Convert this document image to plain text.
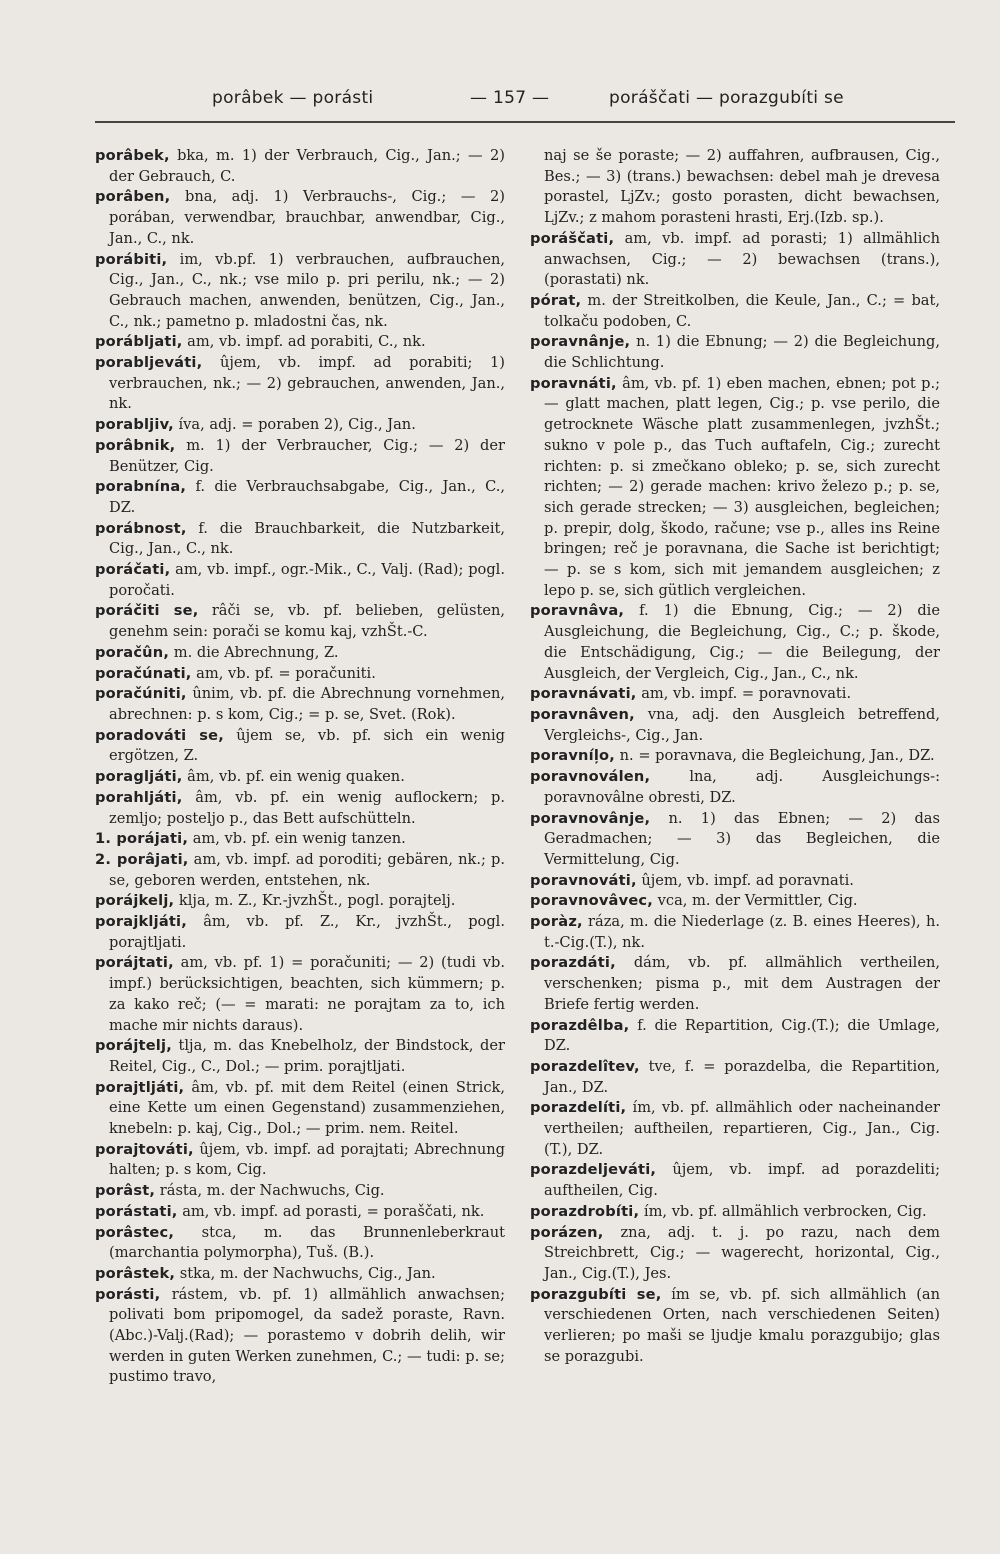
porâbek — porásti	— 157 —	poráščati — porazgubíti se

porâbek, bka, m. 1) der Verbrauch, Cig., Jan.; — 2) der Gebrauch, C.

porâben, bna, adj. 1) Verbrauchs-, Cig.; — 2) porában, verwendbar, brauchbar, anwendbar, Cig., Jan., C., nk.

porábiti, im, vb.pf. 1) verbrauchen, aufbrauchen, Cig., Jan., C., nk.; vse milo p. pri perilu, nk.; — 2) Gebrauch machen, anwenden, benützen, Cig., Jan., C., nk.; pametno p. mladostni čas, nk.

porábljati, am, vb. impf. ad porabiti, C., nk.

porabljeváti, ûjem, vb. impf. ad porabiti; 1) verbrauchen, nk.; — 2) gebrauchen, anwenden, Jan., nk.

porabljiv, íva, adj. = poraben 2), Cig., Jan.

porâbnik, m. 1) der Verbraucher, Cig.; — 2) der Benützer, Cig.

porabnína, f. die Verbrauchsabgabe, Cig., Jan., C., DZ.

porábnost, f. die Brauchbarkeit, die Nutzbarkeit, Cig., Jan., C., nk.

poráčati, am, vb. impf., ogr.-Mik., C., Valj. (Rad); pogl. poročati.

poráčiti se, râči se, vb. pf. belieben, gelüsten, genehm sein: porači se komu kaj, vzhŠt.-C.

poračûn, m. die Abrechnung, Z.

poračúnati, am, vb. pf. = poračuniti.

poračúniti, ûnim, vb. pf. die Abrechnung vornehmen, abrechnen: p. s kom, Cig.; = p. se, Svet. (Rok).

poradováti se, ûjem se, vb. pf. sich ein wenig ergötzen, Z.

poragljáti, âm, vb. pf. ein wenig quaken.

porahljáti, âm, vb. pf. ein wenig auflockern; p. zemljo; posteljo p., das Bett aufschütteln.

1. porájati, am, vb. pf. ein wenig tanzen.

2. porâjati, am, vb. impf. ad poroditi; gebären, nk.; p. se, geboren werden, entstehen, nk.

porájkelj, klja, m. Z., Kr.-jvzhŠt., pogl. porajtelj.

porajkljáti, âm, vb. pf. Z., Kr., jvzhŠt., pogl. porajtljati.

porájtati, am, vb. pf. 1) = poračuniti; — 2) (tudi vb. impf.) berücksichtigen, beachten, sich kümmern; p. za kako reč; (— = marati: ne porajtam za to, ich mache mir nichts daraus).

porájtelj, tlja, m. das Knebelholz, der Bindstock, der Reitel, Cig., C., Dol.; — prim. porajtljati.

porajtljáti, âm, vb. pf. mit dem Reitel (einen Strick, eine Kette um einen Gegenstand) zusammenziehen, knebeln: p. kaj, Cig., Dol.; — prim. nem. Reitel.

porajtováti, ûjem, vb. impf. ad porajtati; Abrechnung halten; p. s kom, Cig.

porâst, rásta, m. der Nachwuchs, Cig.

porástati, am, vb. impf. ad porasti, = poraščati, nk.

porâstec, stca, m. das Brunnenleberkraut (marchantia polymorpha), Tuš. (B.).

porâstek, stka, m. der Nachwuchs, Cig., Jan.

porásti, rástem, vb. pf. 1) allmählich anwachsen; polivati bom pripomogel, da sadež poraste, Ravn.(Abc.)-Valj.(Rad); — porastemo v dobrih delih, wir werden in guten Werken zunehmen, C.; — tudi: p. se; pustimo travo,

naj se še poraste; — 2) auffahren, aufbrausen, Cig., Bes.; — 3) (trans.) bewachsen: debel mah je drevesa porastel, LjZv.; gosto porasten, dicht bewachsen, LjZv.; z mahom porasteni hrasti, Erj.(Izb. sp.).

poráščati, am, vb. impf. ad porasti; 1) allmählich anwachsen, Cig.; — 2) bewachsen (trans.), (porastati) nk.

pórat, m. der Streitkolben, die Keule, Jan., C.; = bat, tolkaču podoben, C.

poravnânje, n. 1) die Ebnung; — 2) die Begleichung, die Schlichtung.

poravnáti, âm, vb. pf. 1) eben machen, ebnen; pot p.; — glatt machen, platt legen, Cig.; p. vse perilo, die getrocknete Wäsche platt zusammenlegen, jvzhŠt.; sukno v pole p., das Tuch auftafeln, Cig.; zurecht richten: p. si zmečkano obleko; p. se, sich zurecht richten; — 2) gerade machen: krivo železo p.; p. se, sich gerade strecken; — 3) ausgleichen, begleichen; p. prepir, dolg, škodo, račune; vse p., alles ins Reine bringen; reč je poravnana, die Sache ist berichtigt; — p. se s kom, sich mit jemandem ausgleichen; z lepo p. se, sich gütlich vergleichen.

poravnâva, f. 1) die Ebnung, Cig.; — 2) die Ausgleichung, die Begleichung, Cig., C.; p. škode, die Entschädigung, Cig.; — die Beilegung, der Ausgleich, der Vergleich, Cig., Jan., C., nk.

poravnávati, am, vb. impf. = poravnovati.

poravnâven, vna, adj. den Ausgleich betreffend, Vergleichs-, Cig., Jan.

poravníl̦o, n. = poravnava, die Begleichung, Jan., DZ.

poravnoválen, lna, adj. Ausgleichungs-: poravnovâlne obresti, DZ.

poravnovânje, n. 1) das Ebnen; — 2) das Geradmachen; — 3) das Begleichen, die Vermittelung, Cig.

poravnováti, ûjem, vb. impf. ad poravnati.

poravnovâvec, vca, m. der Vermittler, Cig.

poràz, ráza, m. die Niederlage (z. B. eines Heeres), h. t.-Cig.(T.), nk.

porazdáti, dám, vb. pf. allmählich vertheilen, verschenken; pisma p., mit dem Austragen der Briefe fertig werden.

porazdêlba, f. die Repartition, Cig.(T.); die Umlage, DZ.

porazdelîtev, tve, f. = porazdelba, die Repartition, Jan., DZ.

porazdelíti, ím, vb. pf. allmählich oder nacheinander vertheilen; auftheilen, repartieren, Cig., Jan., Cig.(T.), DZ.

porazdeljeváti, ûjem, vb. impf. ad porazdeliti; auftheilen, Cig.

porazdrobíti, ím, vb. pf. allmählich verbrocken, Cig.

porázen, zna, adj. t. j. po razu, nach dem Streichbrett, Cig.; — wagerecht, horizontal, Cig., Jan., Cig.(T.), Jes.

porazgubíti se, ím se, vb. pf. sich allmählich (an verschiedenen Orten, nach verschiedenen Seiten) verlieren; po maši se ljudje kmalu porazgubijo; glas se porazgubi.
